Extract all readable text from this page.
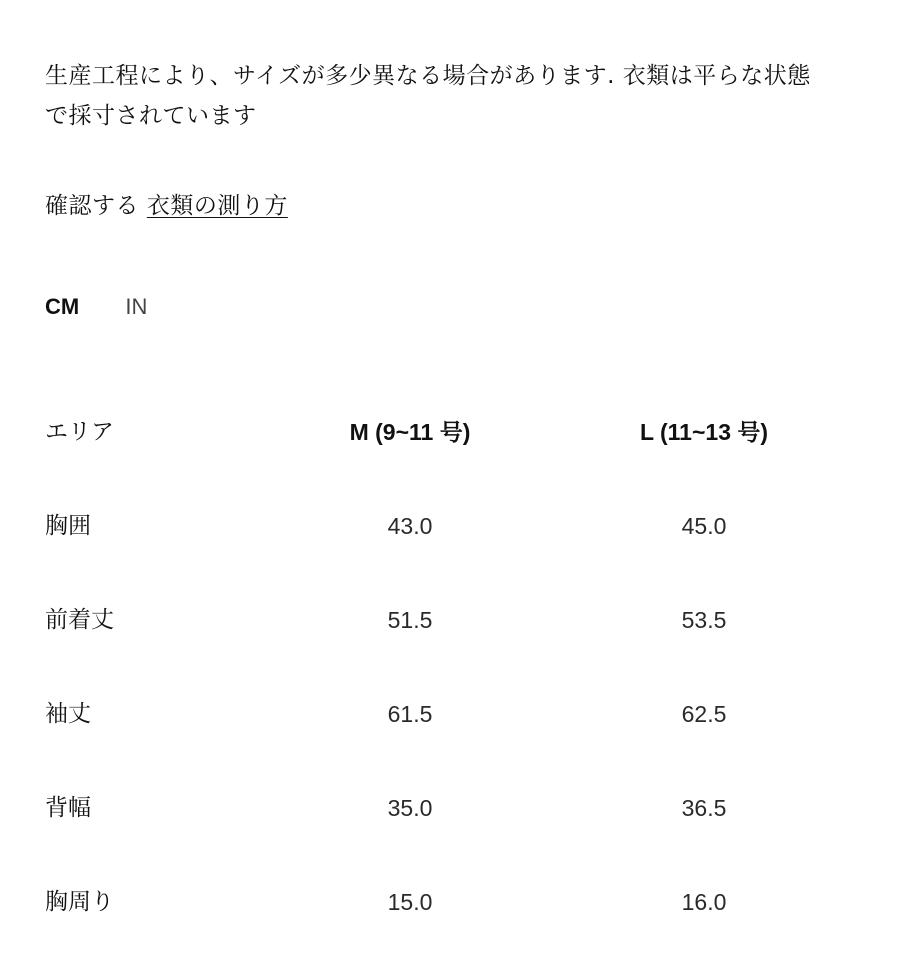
生産工程により、サイズが多少異なる場合があります. 衣類は平らな状態
で採寸されています
確認する 衣類の測り方
CM IN
エリア	M (9~11 号)	L (11~13 号)
胸囲	43.0	45.0
前着丈	51.5	53.5
袖丈	61.5	62.5
背幅	35.0	36.5
胸周り	15.0	16.0
